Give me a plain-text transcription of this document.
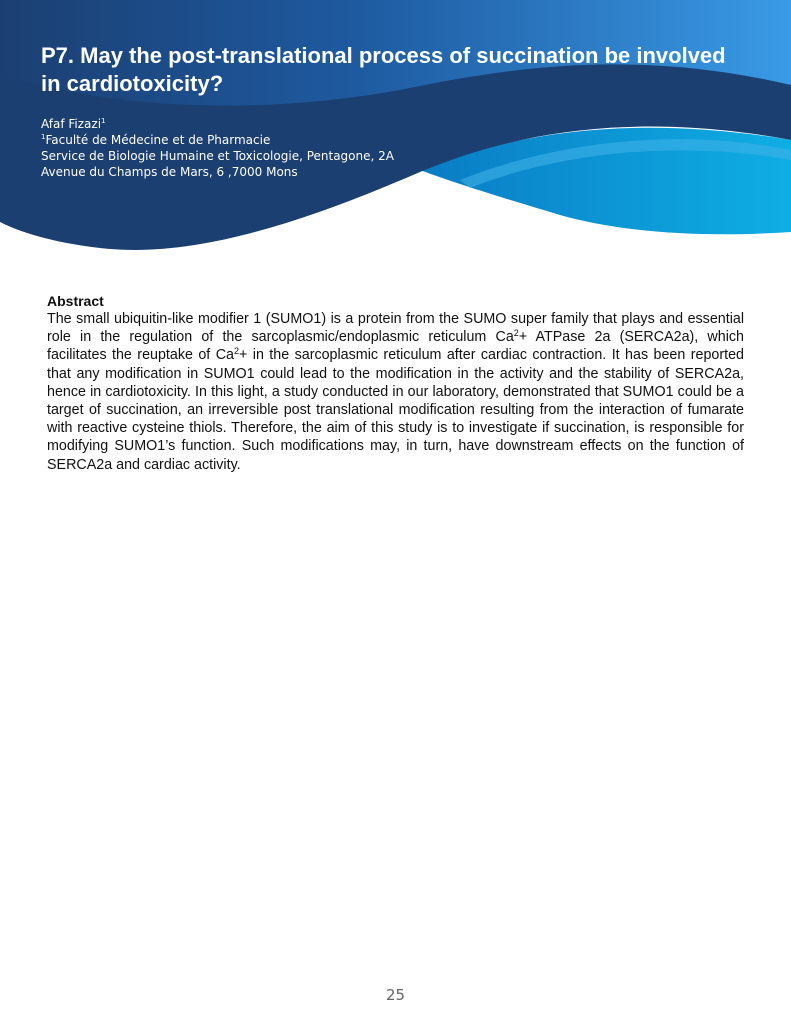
P7. May the post-translational process of succination be involved in cardiotoxicity?
Afaf Fizazi$^1$
$^1$Faculté de Médecine et de Pharmacie
Service de Biologie Humaine et Toxicologie, Pentagone, 2A
Avenue du Champs de Mars, 6 ,7000 Mons

Abstract

The small ubiquitin-like modifier 1 (SUMO1) is a protein from the SUMO super family that plays and essential role in the regulation of the sarcoplasmic/endoplasmic reticulum $Ca^2+$ ATPase 2a (SERCA2a), which facilitates the reuptake of $Ca^2+$ in the sarcoplasmic reticulum after cardiac contraction. It has been reported that any modification in SUMO1 could lead to the modification in the activity and the stability of SERCA2a, hence in cardiotoxicity. In this light, a study conducted in our laboratory, demonstrated that SUMO1 could be a target of succination, an irreversible post translational modification resulting from the interaction of fumarate with reactive cysteine thiols. Therefore, the aim of this study is to investigate if succination, is responsible for modifying SUMO1’s function. Such modifications may, in turn, have downstream effects on the function of SERCA2a and cardiac activity.

25
